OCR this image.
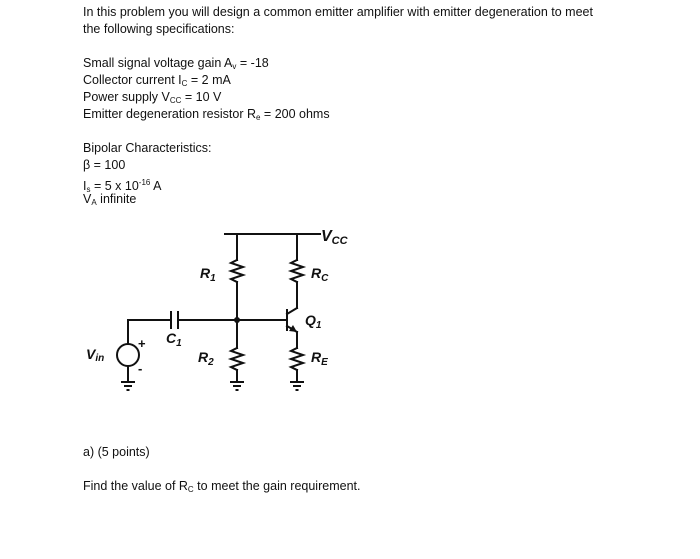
In this problem you will design a common emitter amplifier with emitter degeneration to meet
the following specifications:
Small signal voltage gain $A_v = -18$
Collector current $I_C = 2$ mA
Power supply $V_{CC} = 10$ V
Emitter degeneration resistor $R_e = 200$ ohms
Bipolar Characteristics:
β = 100
$I_s = 5$ x $10^{-16}$ A
$V_A$ infinite
VCC
$R_1$	$R_C$
$Q_1$
$C_1$
$R_2$	$R_E$
Vin
+
-
a) (5 points)
Find the value of $R_C$ to meet the gain requirement.
